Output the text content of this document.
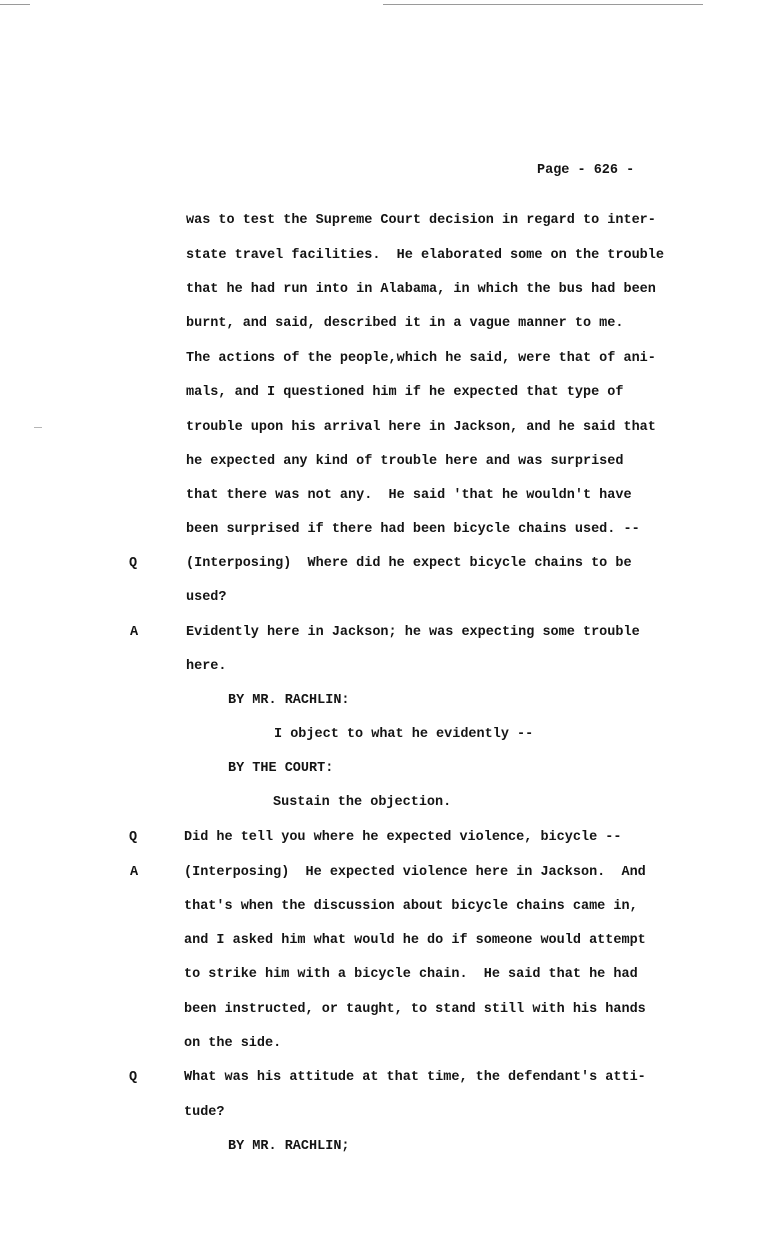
Page - 626 -
was to test the Supreme Court decision in regard to inter-
state travel facilities.  He elaborated some on the trouble
that he had run into in Alabama, in which the bus had been
burnt, and said, described it in a vague manner to me.
The actions of the people,which he said, were that of ani-
mals, and I questioned him if he expected that type of
trouble upon his arrival here in Jackson, and he said that
he expected any kind of trouble here and was surprised
that there was not any.  He said 'that he wouldn't have
been surprised if there had been bicycle chains used. --
Q	(Interposing)  Where did he expect bicycle chains to be
used?
A	Evidently here in Jackson; he was expecting some trouble
here.
BY MR. RACHLIN:
I object to what he evidently --
BY THE COURT:
Sustain the objection.
Q	Did he tell you where he expected violence, bicycle --
A	(Interposing)  He expected violence here in Jackson.  And
that's when the discussion about bicycle chains came in,
and I asked him what would he do if someone would attempt
to strike him with a bicycle chain.  He said that he had
been instructed, or taught, to stand still with his hands
on the side.
Q	What was his attitude at that time, the defendant's atti-
tude?
BY MR. RACHLIN;
